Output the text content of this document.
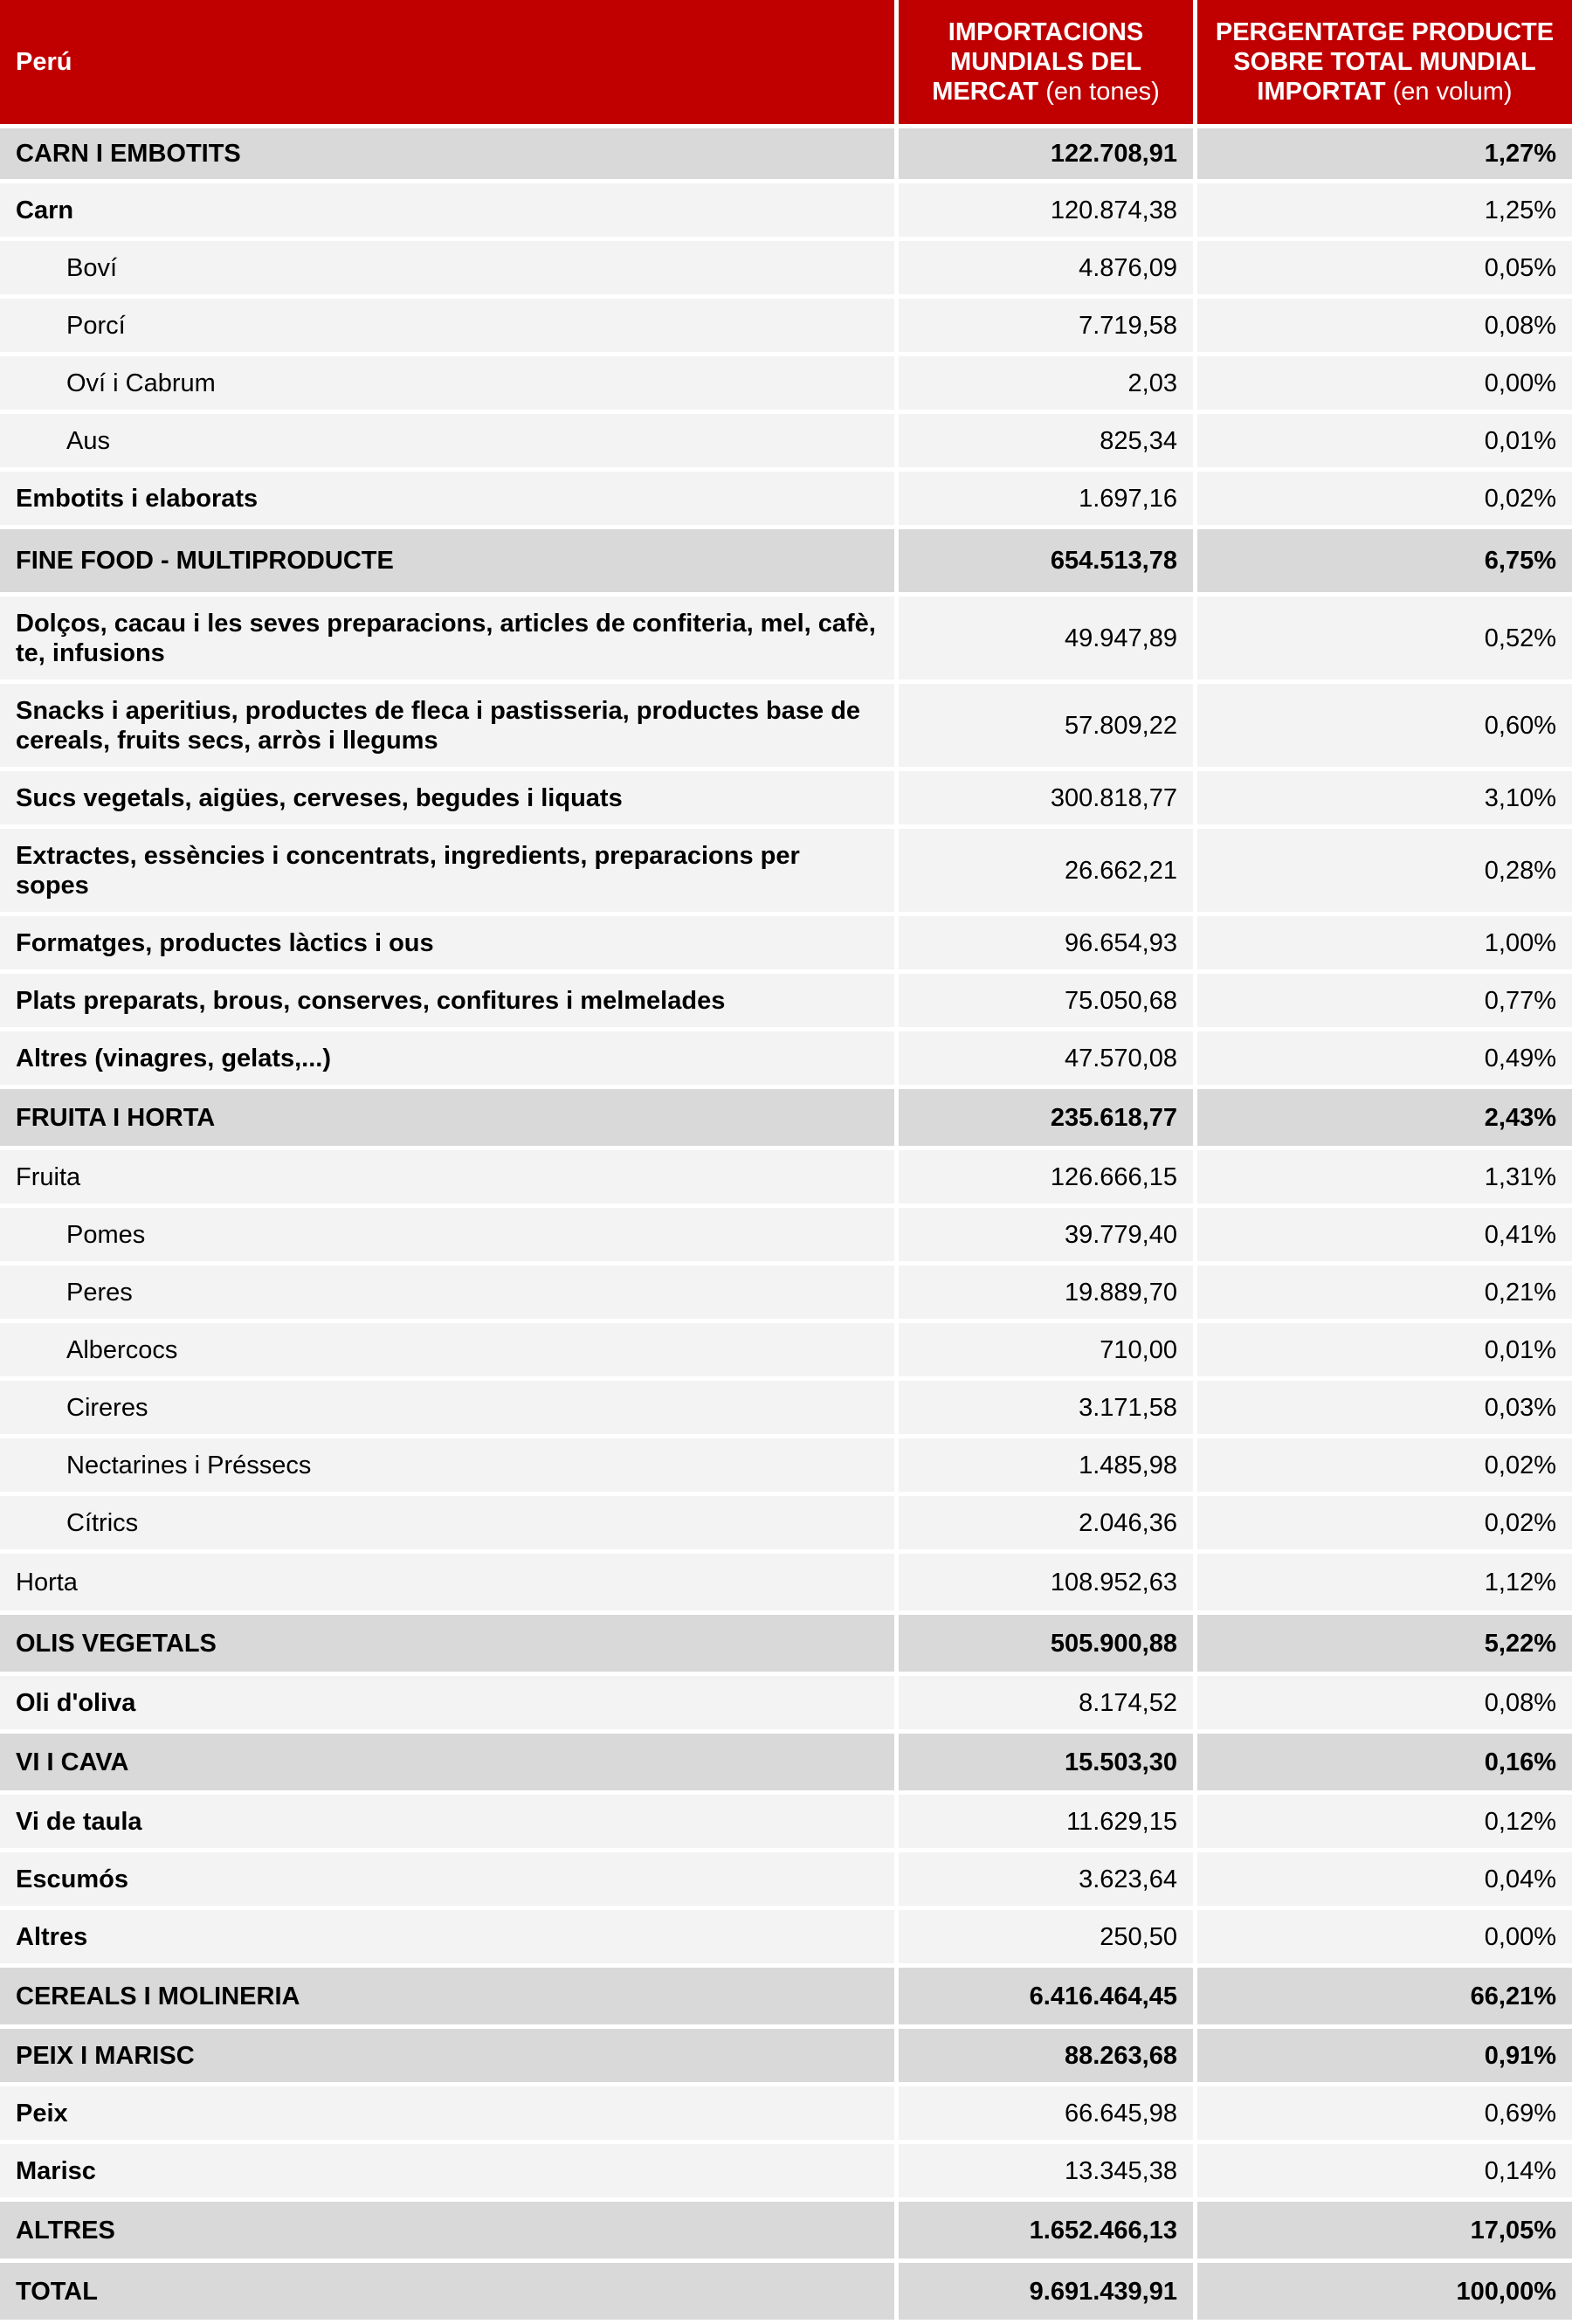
Perú	IMPORTACIONS MUNDIALS DEL MERCAT (en tones)	PERGENTATGE PRODUCTE SOBRE TOTAL MUNDIAL IMPORTAT (en volum)
CARN I EMBOTITS	122.708,91	1,27%
Carn	120.874,38	1,25%
Boví	4.876,09	0,05%
Porcí	7.719,58	0,08%
Oví i Cabrum	2,03	0,00%
Aus	825,34	0,01%
Embotits i elaborats	1.697,16	0,02%
FINE FOOD - MULTIPRODUCTE	654.513,78	6,75%
Dolços, cacau i les seves preparacions, articles de confiteria, mel, cafè, te, infusions	49.947,89	0,52%
Snacks i aperitius, productes de fleca i pastisseria, productes base de cereals, fruits secs, arròs i llegums	57.809,22	0,60%
Sucs vegetals, aigües, cerveses, begudes i liquats	300.818,77	3,10%
Extractes, essències i concentrats, ingredients, preparacions per sopes	26.662,21	0,28%
Formatges, productes làctics i ous	96.654,93	1,00%
Plats preparats, brous, conserves, confitures i melmelades	75.050,68	0,77%
Altres (vinagres, gelats,...)	47.570,08	0,49%
FRUITA I HORTA	235.618,77	2,43%
Fruita	126.666,15	1,31%
Pomes	39.779,40	0,41%
Peres	19.889,70	0,21%
Albercocs	710,00	0,01%
Cireres	3.171,58	0,03%
Nectarines i Préssecs	1.485,98	0,02%
Cítrics	2.046,36	0,02%
Horta	108.952,63	1,12%
OLIS VEGETALS	505.900,88	5,22%
Oli d'oliva	8.174,52	0,08%
VI I CAVA	15.503,30	0,16%
Vi de taula	11.629,15	0,12%
Escumós	3.623,64	0,04%
Altres	250,50	0,00%
CEREALS I MOLINERIA	6.416.464,45	66,21%
PEIX I MARISC	88.263,68	0,91%
Peix	66.645,98	0,69%
Marisc	13.345,38	0,14%
ALTRES	1.652.466,13	17,05%
TOTAL	9.691.439,91	100,00%
